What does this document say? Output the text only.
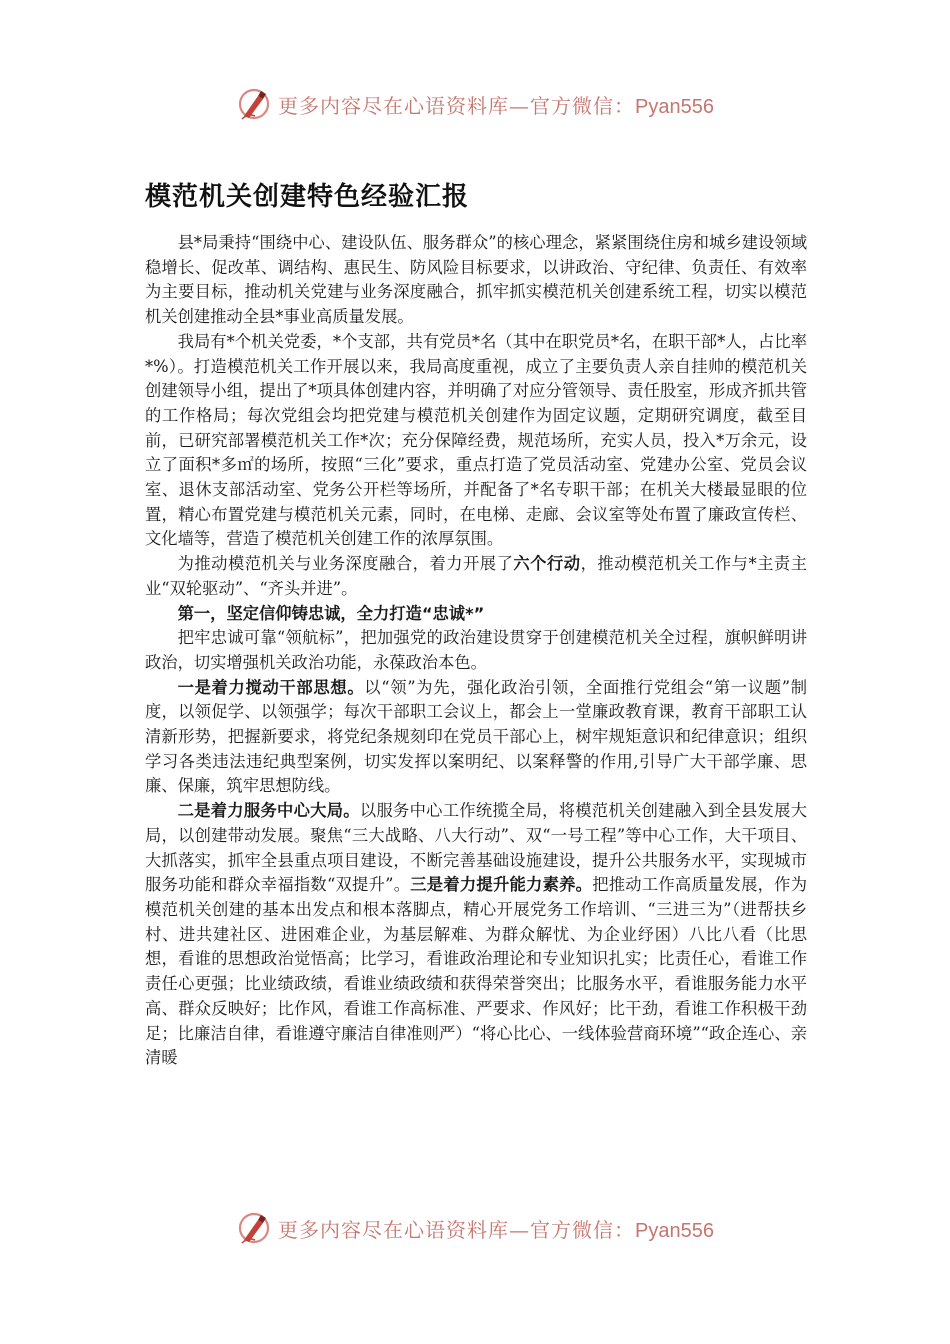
更多内容尽在心语资料库—官方微信：Pyan556
模范机关创建特色经验汇报

县*局秉持“围绕中心、建设队伍、服务群众”的核心理念，紧紧围绕住房和城乡建设领域稳增长、促改革、调结构、惠民生、防风险目标要求，以讲政治、守纪律、负责任、有效率为主要目标，推动机关党建与业务深度融合，抓牢抓实模范机关创建系统工程，切实以模范机关创建推动全县*事业高质量发展。

我局有*个机关党委，*个支部，共有党员*名（其中在职党员*名，在职干部*人，占比率*%）。打造模范机关工作开展以来，我局高度重视，成立了主要负责人亲自挂帅的模范机关创建领导小组，提出了*项具体创建内容，并明确了对应分管领导、责任股室，形成齐抓共管的工作格局；每次党组会均把党建与模范机关创建作为固定议题，定期研究调度，截至目前，已研究部署模范机关工作*次；充分保障经费，规范场所，充实人员，投入*万余元，设立了面积*多㎡的场所，按照“三化”要求，重点打造了党员活动室、党建办公室、党员会议室、退休支部活动室、党务公开栏等场所，并配备了*名专职干部；在机关大楼最显眼的位置，精心布置党建与模范机关元素，同时，在电梯、走廊、会议室等处布置了廉政宣传栏、文化墙等，营造了模范机关创建工作的浓厚氛围。

为推动模范机关与业务深度融合，着力开展了六个行动，推动模范机关工作与*主责主业“双轮驱动”、“齐头并进”。

第一，坚定信仰铸忠诚，全力打造“忠诚*”

把牢忠诚可靠“领航标”，把加强党的政治建设贯穿于创建模范机关全过程，旗帜鲜明讲政治，切实增强机关政治功能，永葆政治本色。

一是着力搅动干部思想。以“领”为先，强化政治引领，全面推行党组会“第一议题”制度，以领促学、以领强学；每次干部职工会议上，都会上一堂廉政教育课，教育干部职工认清新形势，把握新要求，将党纪条规刻印在党员干部心上，树牢规矩意识和纪律意识；组织学习各类违法违纪典型案例，切实发挥以案明纪、以案释警的作用,引导广大干部学廉、思廉、保廉，筑牢思想防线。

二是着力服务中心大局。以服务中心工作统揽全局，将模范机关创建融入到全县发展大局，以创建带动发展。聚焦“三大战略、八大行动”、双“一号工程”等中心工作，大干项目、大抓落实，抓牢全县重点项目建设，不断完善基础设施建设，提升公共服务水平，实现城市服务功能和群众幸福指数“双提升”。三是着力提升能力素养。把推动工作高质量发展，作为模范机关创建的基本出发点和根本落脚点，精心开展党务工作培训、“三进三为”（进帮扶乡村、进共建社区、进困难企业，为基层解难、为群众解忧、为企业纾困）八比八看（比思想，看谁的思想政治觉悟高；比学习，看谁政治理论和专业知识扎实；比责任心，看谁工作责任心更强；比业绩政绩，看谁业绩政绩和获得荣誉突出；比服务水平，看谁服务能力水平高、群众反映好；比作风，看谁工作高标准、严要求、作风好；比干劲，看谁工作积极干劲足；比廉洁自律，看谁遵守廉洁自律准则严）“将心比心、一线体验营商环境”“政企连心、亲清暖

更多内容尽在心语资料库—官方微信：Pyan556
